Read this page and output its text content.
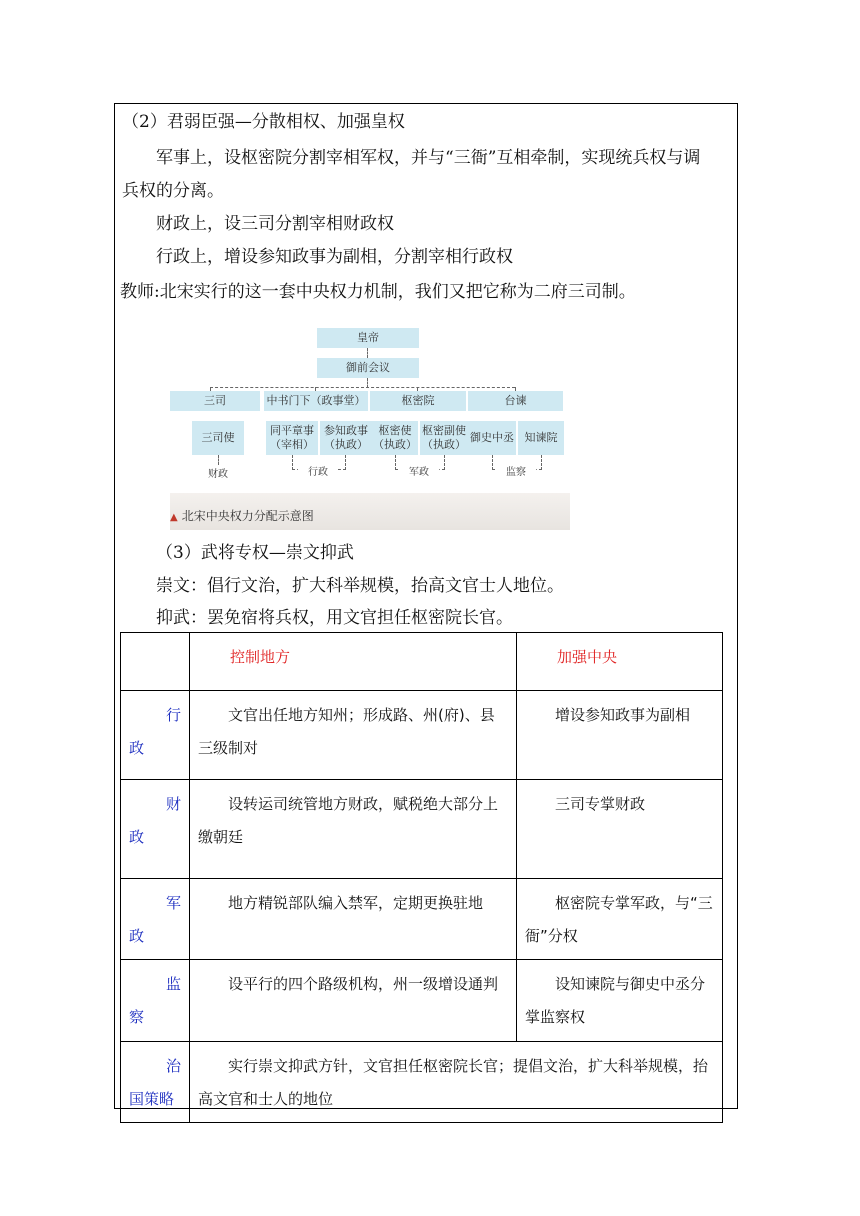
（2）君弱臣强—分散相权、加强皇权
军事上，设枢密院分割宰相军权，并与“三衙”互相牵制，实现统兵权与调
兵权的分离。
财政上，设三司分割宰相财政权
行政上，增设参知政事为副相，分割宰相行政权
教师:北宋实行的这一套中央权力机制，我们又把它称为二府三司制。
皇帝
御前会议
三司	中书门下（政事堂）	枢密院	台谏
三司使
同平章事
（宰相）
参知政事
（执政）
枢密使
（执政）
枢密副使
（执政）
御史中丞 知谏院
财政	行政	军政	监察
▲ 北宋中央权力分配示意图
（3）武将专权—崇文抑武
崇文：倡行文治，扩大科举规模，抬高文官士人地位。
抑武：罢免宿将兵权，用文官担任枢密院长官。
	控制地方	加强中央

行
政	文官出任地方知州；形成路、州(府)、县三级制对	增设参知政事为副相

财
政	设转运司统管地方财政，赋税绝大部分上缴朝廷	三司专掌财政

军
政	地方精锐部队编入禁军，定期更换驻地	枢密院专掌军政，与“三衙”分权

监
察	设平行的四个路级机构，州一级增设通判	设知谏院与御史中丞分掌监察权

治
国策略	实行崇文抑武方针，文官担任枢密院长官；提倡文治，扩大科举规模，抬高文官和士人的地位	
